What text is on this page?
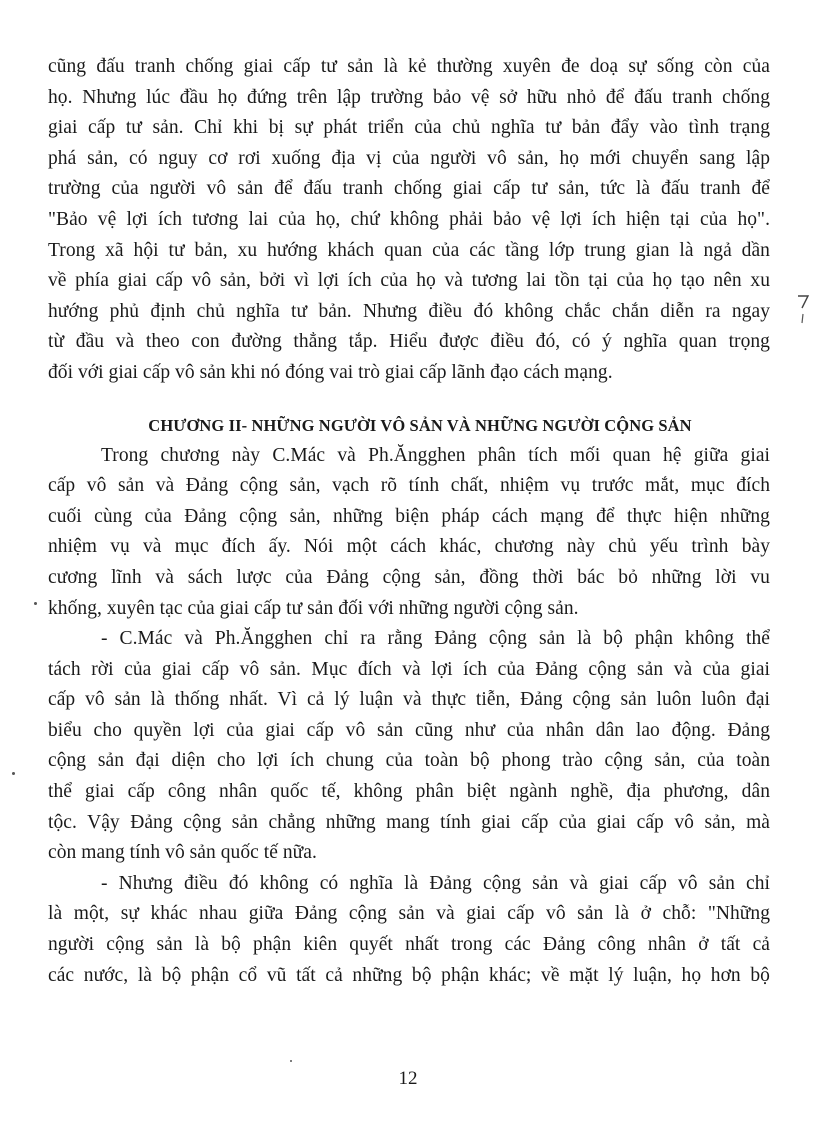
cũng đấu tranh chống giai cấp tư sản là kẻ thường xuyên đe doạ sự sống còn của
họ. Nhưng lúc đầu họ đứng trên lập trường bảo vệ sở hữu nhỏ để đấu tranh chống
giai cấp tư sản. Chỉ khi bị sự phát triển của chủ nghĩa tư bản đẩy vào tình trạng
phá sản, có nguy cơ rơi xuống địa vị của người vô sản, họ mới chuyển sang lập
trường của người vô sản để đấu tranh chống giai cấp tư sản, tức là đấu tranh để
"Bảo vệ lợi ích tương lai của họ, chứ không phải bảo vệ lợi ích hiện tại của họ".
Trong xã hội tư bản, xu hướng khách quan của các tầng lớp trung gian là ngả dần
về phía giai cấp vô sản, bởi vì lợi ích của họ và tương lai tồn tại của họ tạo nên xu
hướng phủ định chủ nghĩa tư bản. Nhưng điều đó không chắc chắn diễn ra ngay
từ đầu và theo con đường thẳng tắp. Hiểu được điều đó, có ý nghĩa quan trọng
đối với giai cấp vô sản khi nó đóng vai trò giai cấp lãnh đạo cách mạng.
CHƯƠNG II- NHỮNG NGƯỜI VÔ SẢN VÀ NHỮNG NGƯỜI CỘNG SẢN
Trong chương này C.Mác và Ph.Ăngghen phân tích mối quan hệ giữa giai
cấp vô sản và Đảng cộng sản, vạch rõ tính chất, nhiệm vụ trước mắt, mục đích
cuối cùng của Đảng cộng sản, những biện pháp cách mạng để thực hiện những
nhiệm vụ và mục đích ấy. Nói một cách khác, chương này chủ yếu trình bày
cương lĩnh và sách lược của Đảng cộng sản, đồng thời bác bỏ những lời vu
khống, xuyên tạc của giai cấp tư sản đối với những người cộng sản.
- C.Mác và Ph.Ăngghen chỉ ra rằng Đảng cộng sản là bộ phận không thể
tách rời của giai cấp vô sản. Mục đích và lợi ích của Đảng cộng sản và của giai
cấp vô sản là thống nhất. Vì cả lý luận và thực tiễn, Đảng cộng sản luôn luôn đại
biểu cho quyền lợi của giai cấp vô sản cũng như của nhân dân lao động. Đảng
cộng sản đại diện cho lợi ích chung của toàn bộ phong trào cộng sản, của toàn
thể giai cấp công nhân quốc tế, không phân biệt ngành nghề, địa phương, dân
tộc. Vậy Đảng cộng sản chẳng những mang tính giai cấp của giai cấp vô sản, mà
còn mang tính vô sản quốc tế nữa.
- Nhưng điều đó không có nghĩa là Đảng cộng sản và giai cấp vô sản chỉ
là một, sự khác nhau giữa Đảng cộng sản và giai cấp vô sản là ở chỗ: "Những
người cộng sản là bộ phận kiên quyết nhất trong các Đảng công nhân ở tất cả
các nước, là bộ phận cổ vũ tất cả những bộ phận khác; về mặt lý luận, họ hơn bộ
12
